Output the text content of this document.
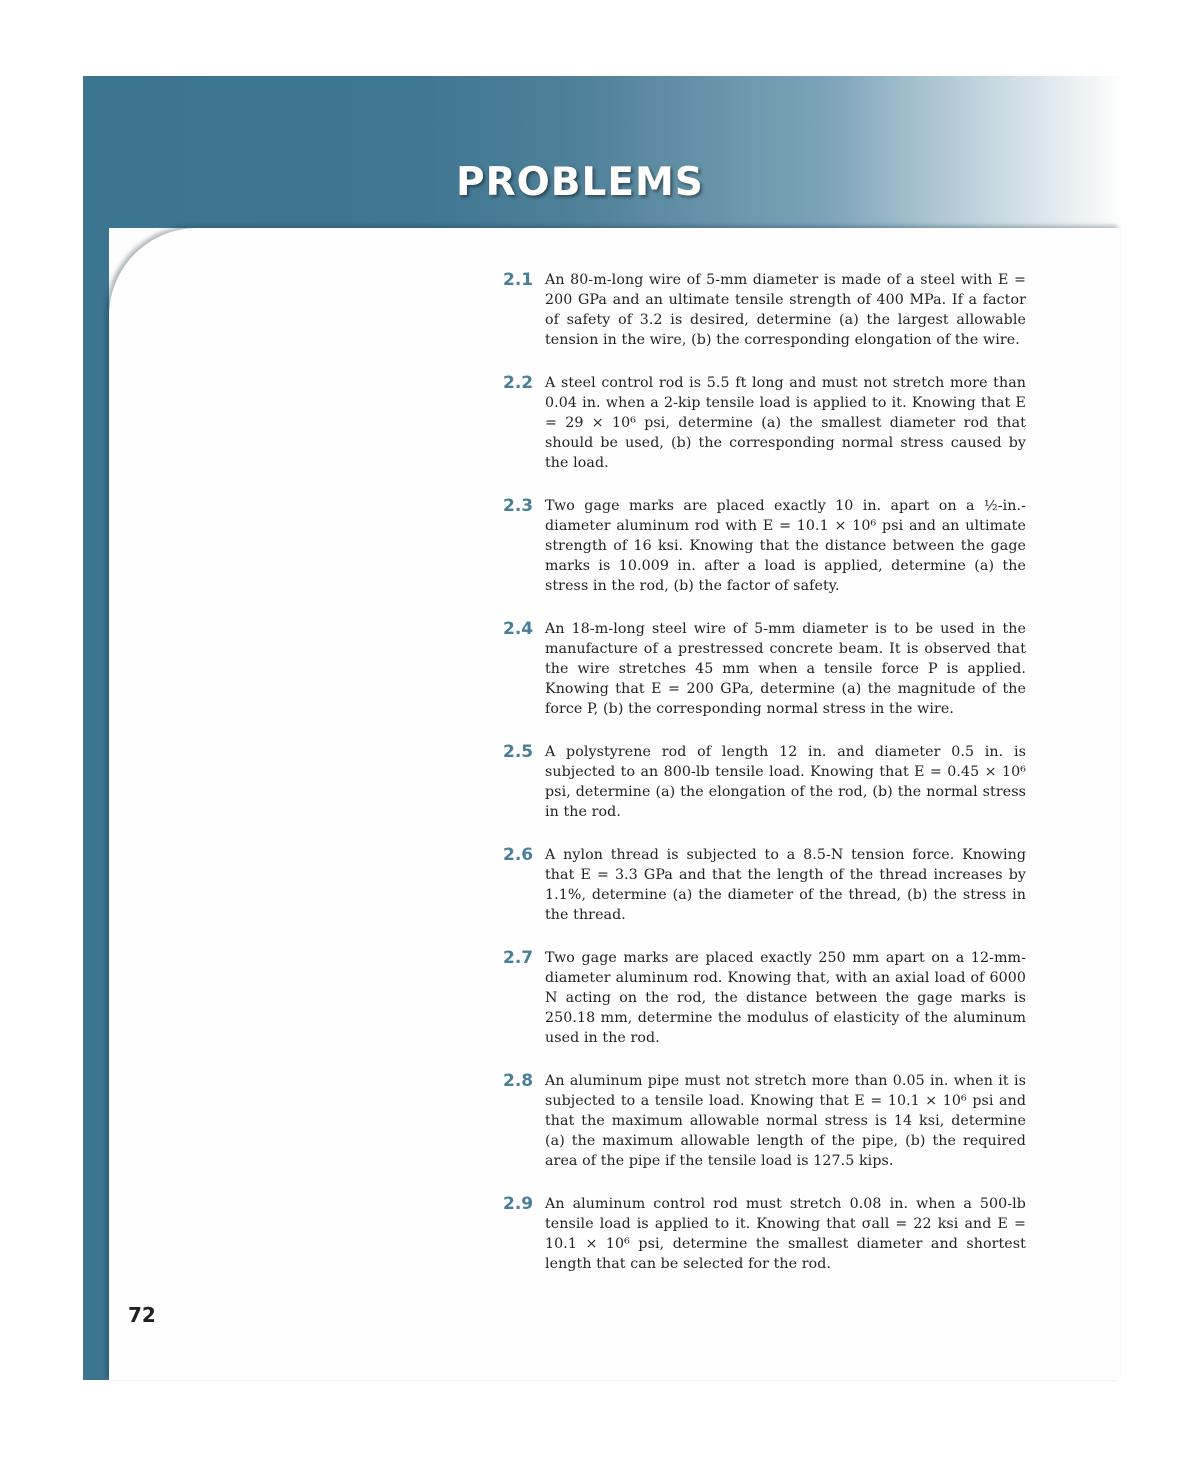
PROBLEMS
2.1 An 80-m-long wire of 5-mm diameter is made of a steel with E = 200 GPa and an ultimate tensile strength of 400 MPa. If a factor of safety of 3.2 is desired, determine (a) the largest allowable tension in the wire, (b) the corresponding elongation of the wire.
2.2 A steel control rod is 5.5 ft long and must not stretch more than 0.04 in. when a 2-kip tensile load is applied to it. Knowing that E = 29 × 10⁶ psi, determine (a) the smallest diameter rod that should be used, (b) the corresponding normal stress caused by the load.
2.3 Two gage marks are placed exactly 10 in. apart on a ½-in.-diameter aluminum rod with E = 10.1 × 10⁶ psi and an ultimate strength of 16 ksi. Knowing that the distance between the gage marks is 10.009 in. after a load is applied, determine (a) the stress in the rod, (b) the factor of safety.
2.4 An 18-m-long steel wire of 5-mm diameter is to be used in the manufacture of a prestressed concrete beam. It is observed that the wire stretches 45 mm when a tensile force P is applied. Knowing that E = 200 GPa, determine (a) the magnitude of the force P, (b) the corresponding normal stress in the wire.
2.5 A polystyrene rod of length 12 in. and diameter 0.5 in. is subjected to an 800-lb tensile load. Knowing that E = 0.45 × 10⁶ psi, determine (a) the elongation of the rod, (b) the normal stress in the rod.
2.6 A nylon thread is subjected to a 8.5-N tension force. Knowing that E = 3.3 GPa and that the length of the thread increases by 1.1%, determine (a) the diameter of the thread, (b) the stress in the thread.
2.7 Two gage marks are placed exactly 250 mm apart on a 12-mm-diameter aluminum rod. Knowing that, with an axial load of 6000 N acting on the rod, the distance between the gage marks is 250.18 mm, determine the modulus of elasticity of the aluminum used in the rod.
2.8 An aluminum pipe must not stretch more than 0.05 in. when it is subjected to a tensile load. Knowing that E = 10.1 × 10⁶ psi and that the maximum allowable normal stress is 14 ksi, determine (a) the maximum allowable length of the pipe, (b) the required area of the pipe if the tensile load is 127.5 kips.
2.9 An aluminum control rod must stretch 0.08 in. when a 500-lb tensile load is applied to it. Knowing that σall = 22 ksi and E = 10.1 × 10⁶ psi, determine the smallest diameter and shortest length that can be selected for the rod.
72
